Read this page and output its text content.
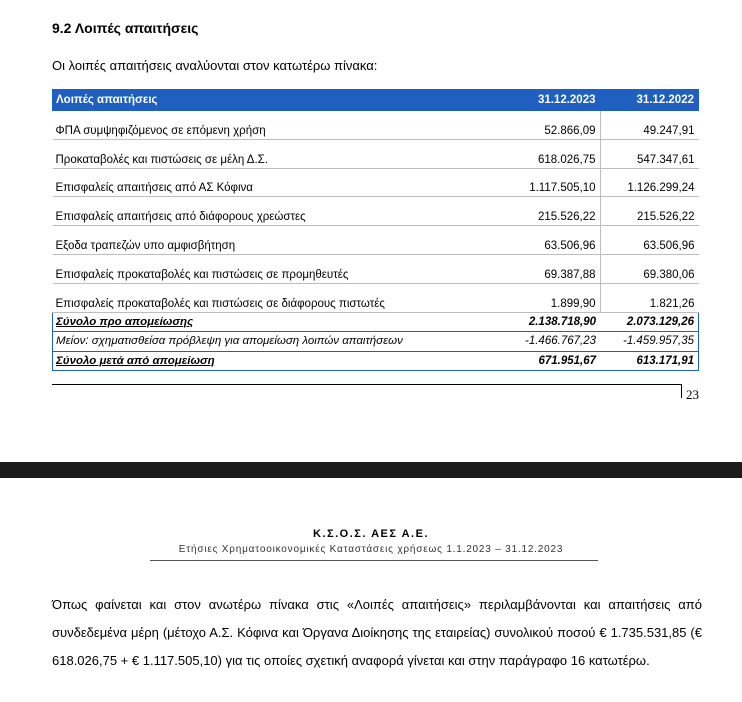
9.2 Λοιπές απαιτήσεις
Οι λοιπές απαιτήσεις αναλύονται στον κατωτέρω πίνακα:
Λοιπές απαιτήσεις	31.12.2023	31.12.2022
ΦΠΑ συμψηφιζόμενος σε επόμενη χρήση	52.866,09	49.247,91
Προκαταβολές και πιστώσεις σε μέλη Δ.Σ.	618.026,75	547.347,61
Επισφαλείς απαιτήσεις από ΑΣ Κόφινα	1.117.505,10	1.126.299,24
Επισφαλείς απαιτήσεις από διάφορους χρεώστες	215.526,22	215.526,22
Εξοδα τραπεζών υπο αμφισβήτηση	63.506,96	63.506,96
Επισφαλείς προκαταβολές και πιστώσεις σε προμηθευτές	69.387,88	69.380,06
Επισφαλείς προκαταβολές και πιστώσεις σε διάφορους πιστωτές	1.899,90	1.821,26
Σύνολο προ απομείωσης	2.138.718,90	2.073.129,26
Μείον: σχηματισθείσα πρόβλεψη για απομείωση λοιπών απαιτήσεων	-1.466.767,23	-1.459.957,35
Σύνολο μετά από απομείωση	671.951,67	613.171,91
23
Κ.Σ.Ο.Σ. ΑΕΣ Α.Ε.
Ετήσιες Χρηματοοικονομικές Καταστάσεις χρήσεως 1.1.2023 – 31.12.2023
Όπως φαίνεται και στον ανωτέρω πίνακα στις «Λοιπές απαιτήσεις» περιλαμβάνονται και απαιτήσεις από συνδεδεμένα μέρη (μέτοχο Α.Σ. Κόφινα και Όργανα Διοίκησης της εταιρείας) συνολικού ποσού € 1.735.531,85 (€ 618.026,75 + € 1.117.505,10) για τις οποίες σχετική αναφορά γίνεται και στην παράγραφο 16 κατωτέρω.
